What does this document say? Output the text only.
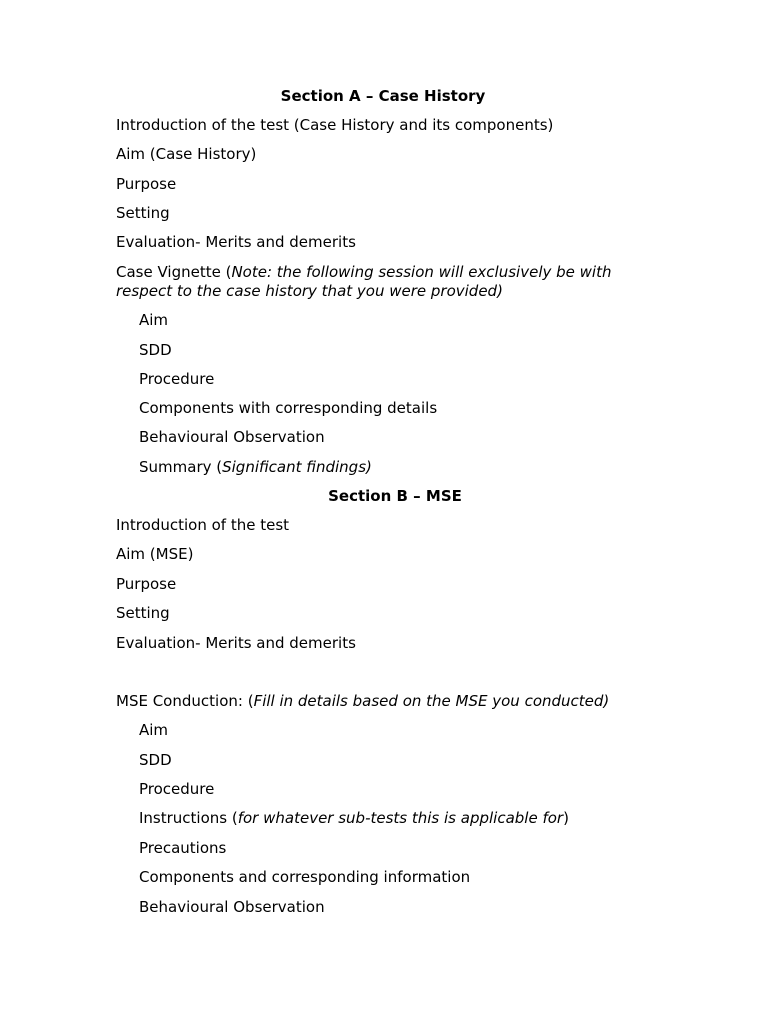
Section A – Case History
Introduction of the test (Case History and its components)
Aim (Case History)
Purpose
Setting
Evaluation- Merits and demerits
Case Vignette (Note: the following session will exclusively be with respect to the case history that you were provided)
Aim
SDD
Procedure
Components with corresponding details
Behavioural Observation
Summary (Significant findings)
Section B – MSE
Introduction of the test
Aim (MSE)
Purpose
Setting
Evaluation- Merits and demerits
MSE Conduction: (Fill in details based on the MSE you conducted)
Aim
SDD
Procedure
Instructions (for whatever sub-tests this is applicable for)
Precautions
Components and corresponding information
Behavioural Observation
